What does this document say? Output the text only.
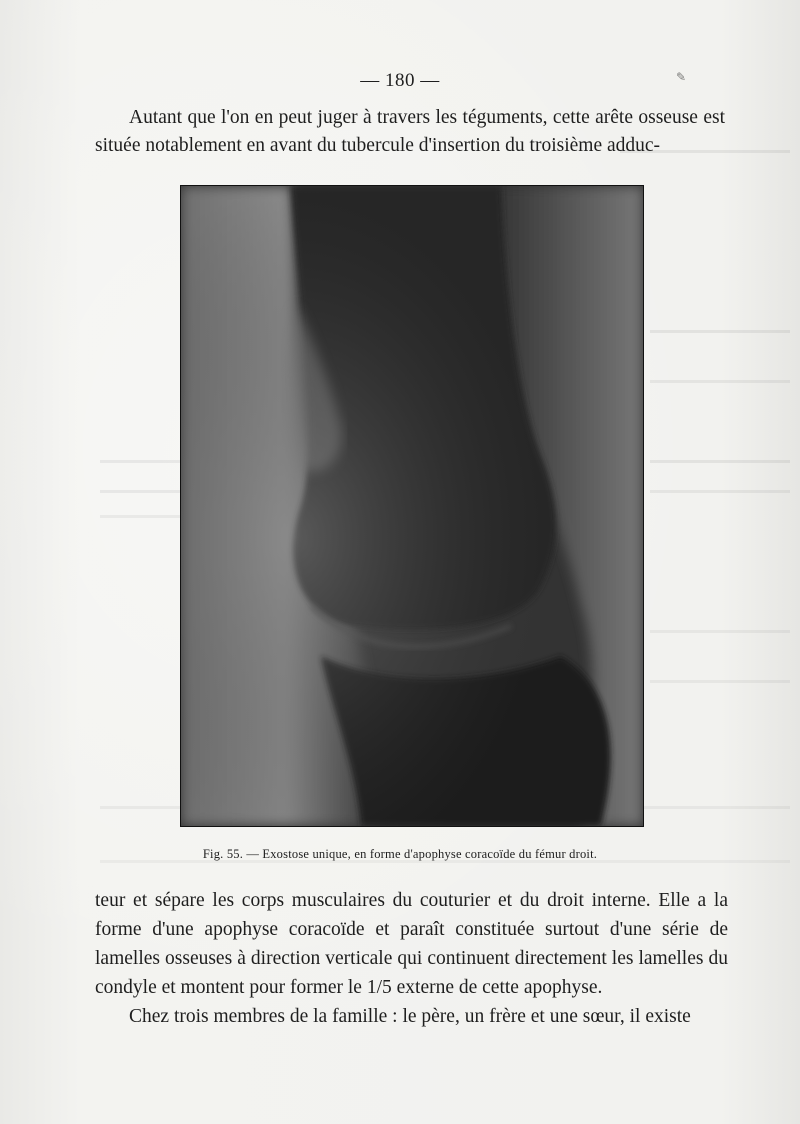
— 180 —	✎

Autant que l'on en peut juger à travers les téguments, cette arête osseuse est située notablement en avant du tubercule d'insertion du troisième adduc-

Fig. 55. — Exostose unique, en forme d'apophyse coracoïde du fémur droit.

teur et sépare les corps musculaires du couturier et du droit interne. Elle a la forme d'une apophyse coracoïde et paraît constituée surtout d'une série de lamelles osseuses à direction verticale qui continuent directement les lamelles du condyle et montent pour former le 1/5 externe de cette apophyse.

Chez trois membres de la famille : le père, un frère et une sœur, il existe
